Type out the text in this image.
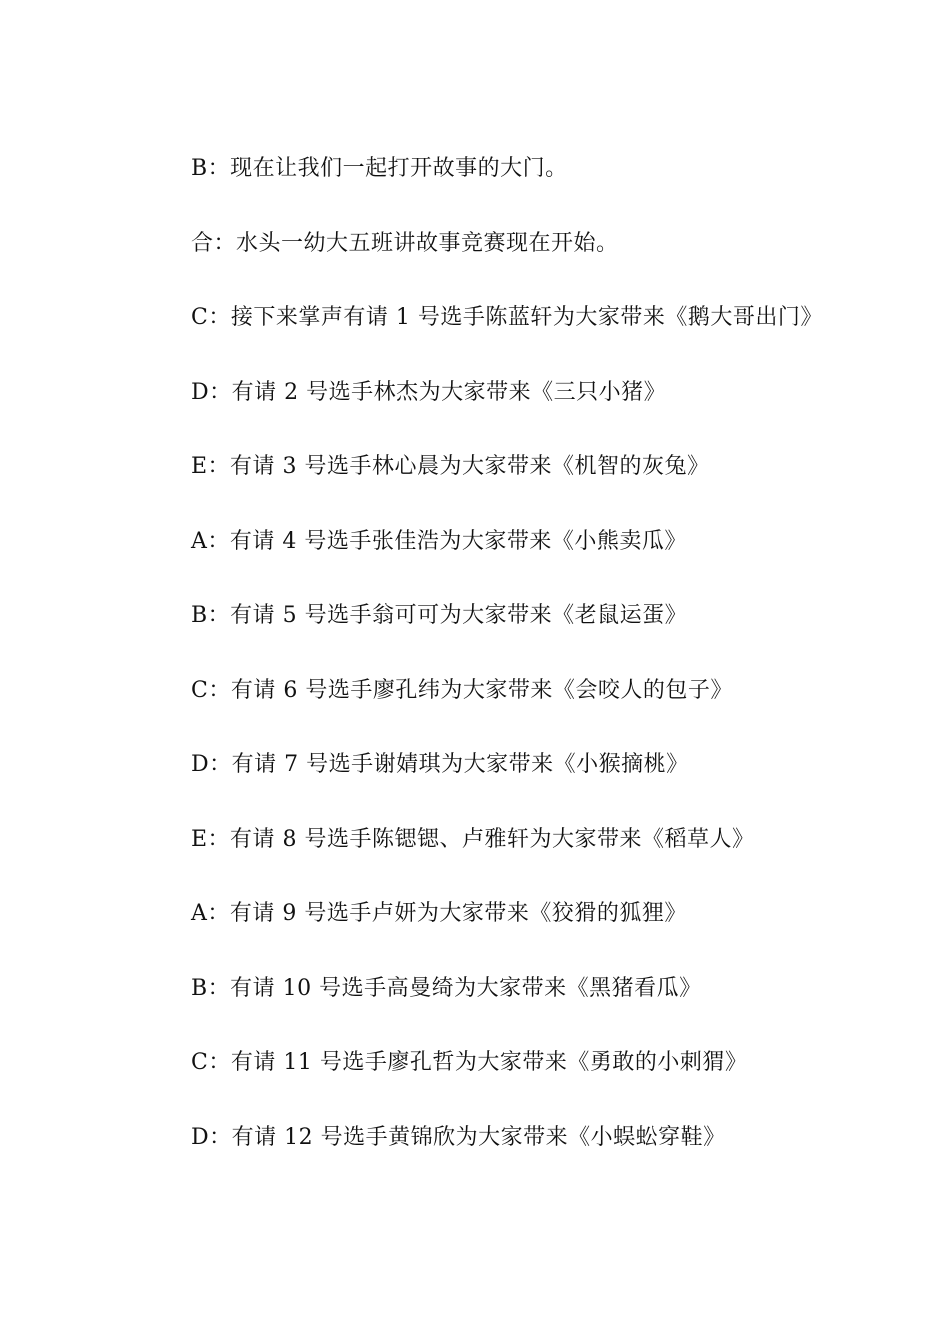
B：现在让我们一起打开故事的大门。

合：水头一幼大五班讲故事竞赛现在开始。

C：接下来掌声有请 1 号选手陈蓝轩为大家带来《鹅大哥出门》

D：有请 2 号选手林杰为大家带来《三只小猪》

E：有请 3 号选手林心晨为大家带来《机智的灰兔》

A：有请 4 号选手张佳浩为大家带来《小熊卖瓜》

B：有请 5 号选手翁可可为大家带来《老鼠运蛋》

C：有请 6 号选手廖孔纬为大家带来《会咬人的包子》

D：有请 7 号选手谢婧琪为大家带来《小猴摘桃》

E：有请 8 号选手陈锶锶、卢雅轩为大家带来《稻草人》

A：有请 9 号选手卢妍为大家带来《狡猾的狐狸》

B：有请 10 号选手高曼绮为大家带来《黑猪看瓜》

C：有请 11 号选手廖孔哲为大家带来《勇敢的小刺猬》

D：有请 12 号选手黄锦欣为大家带来《小蜈蚣穿鞋》
